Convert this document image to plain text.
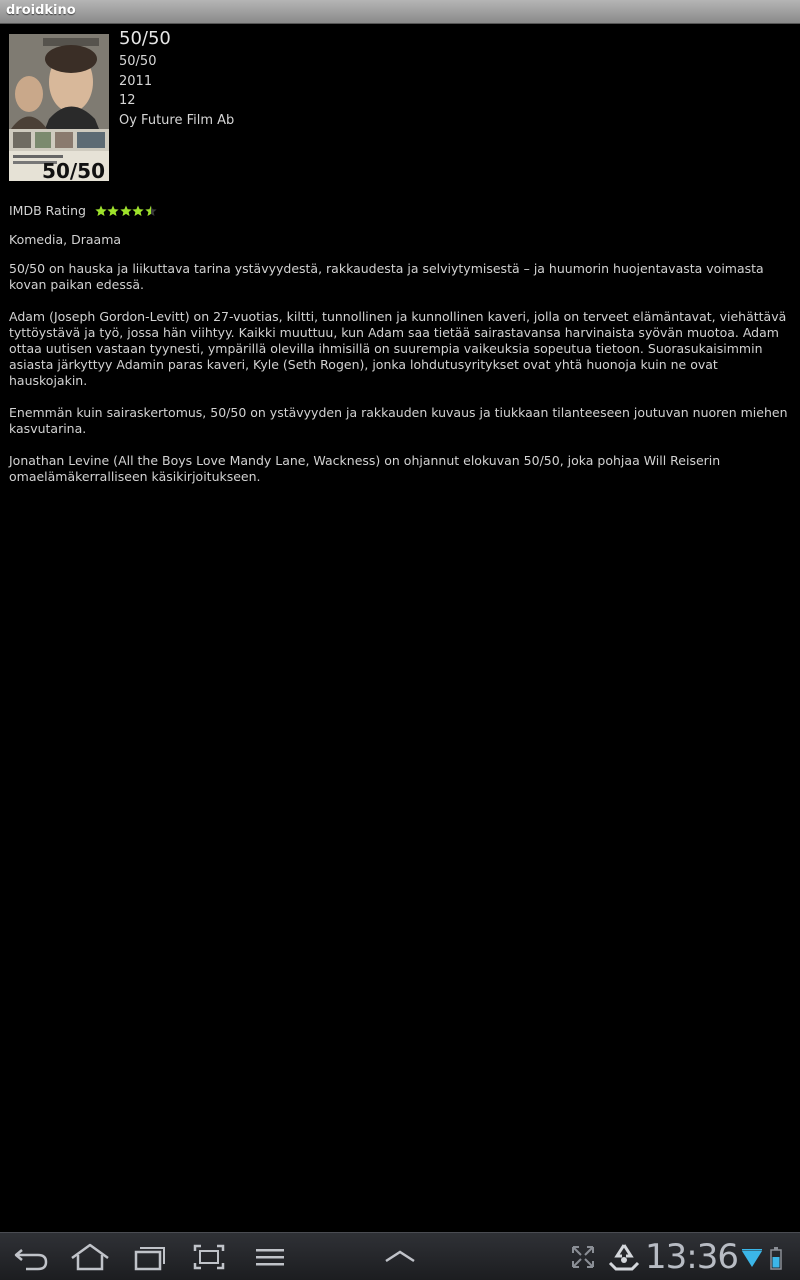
droidkino
50/50
50/50
50/50
2011
12
Oy Future Film Ab
IMDB Rating
Komedia, Draama
50/50 on hauska ja liikuttava tarina ystävyydestä, rakkaudesta ja selviytymisestä – ja huumorin huojentavasta voimasta kovan paikan edessä.
Adam (Joseph Gordon-Levitt) on 27-vuotias, kiltti, tunnollinen ja kunnollinen kaveri, jolla on terveet elämäntavat, viehättävä tyttöystävä ja työ, jossa hän viihtyy. Kaikki muuttuu, kun Adam saa tietää sairastavansa harvinaista syövän muotoa. Adam ottaa uutisen vastaan tyynesti, ympärillä olevilla ihmisillä on suurempia vaikeuksia sopeutua tietoon. Suorasukaisimmin asiasta järkyttyy Adamin paras kaveri, Kyle (Seth Rogen), jonka lohdutusyritykset ovat yhtä huonoja kuin ne ovat hauskojakin.
Enemmän kuin sairaskertomus, 50/50 on ystävyyden ja rakkauden kuvaus ja tiukkaan tilanteeseen joutuvan nuoren miehen kasvutarina.
Jonathan Levine (All the Boys Love Mandy Lane, Wackness) on ohjannut elokuvan 50/50, joka pohjaa Will Reiserin omaelämäkerralliseen käsikirjoitukseen.
13:36
